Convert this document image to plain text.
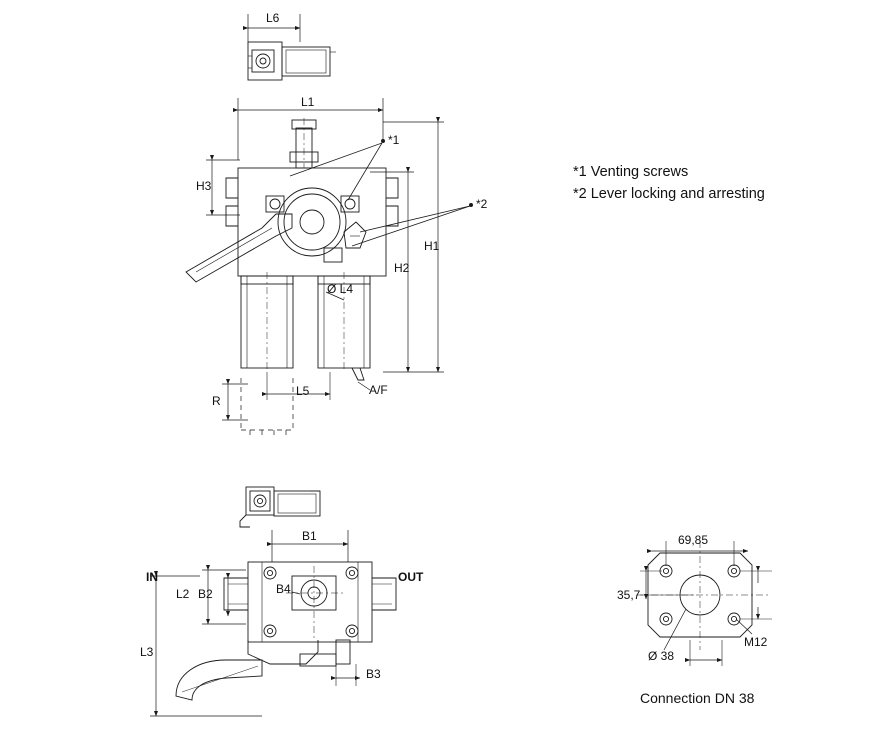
L6
L1
H3
H1
H2
Ø L4
L5	A/F
R
*1
*2
*1 Venting screws
*2 Lever locking and arresting
B1
IN	OUT
L2 B2	B4
B3
L3
69,85
35,7
M12
Ø 38
Connection DN 38
